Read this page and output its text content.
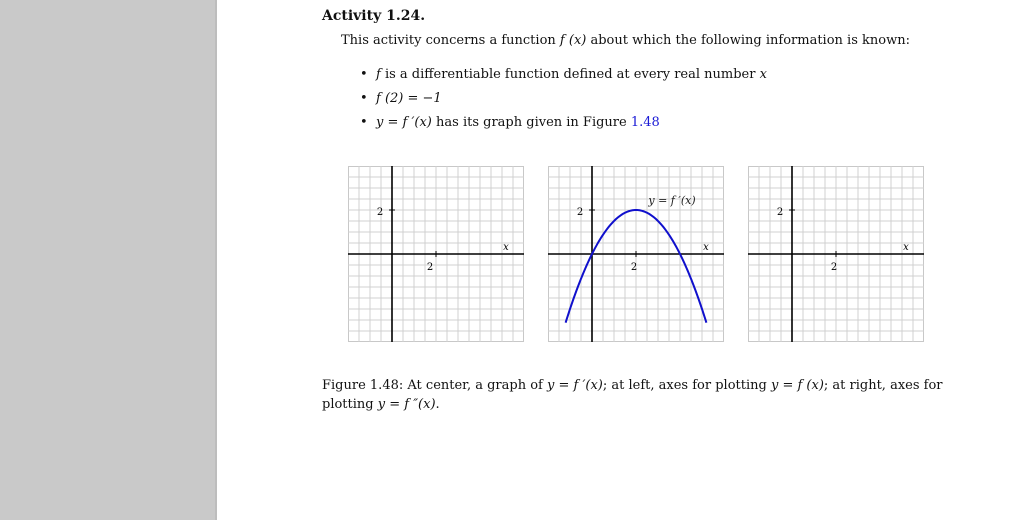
Activity 1.24.
This activity concerns a function f (x) about which the following information is known:
• f is a differentiable function defined at every real number x
• f (2) = −1
• y = f ′(x) has its graph given in Figure 1.48
2
2
x
2
2
x
y = f ′(x)
2
2
x
Figure 1.48: At center, a graph of y = f ′(x); at left, axes for plotting y = f (x); at right, axes for plotting y = f ″(x).
